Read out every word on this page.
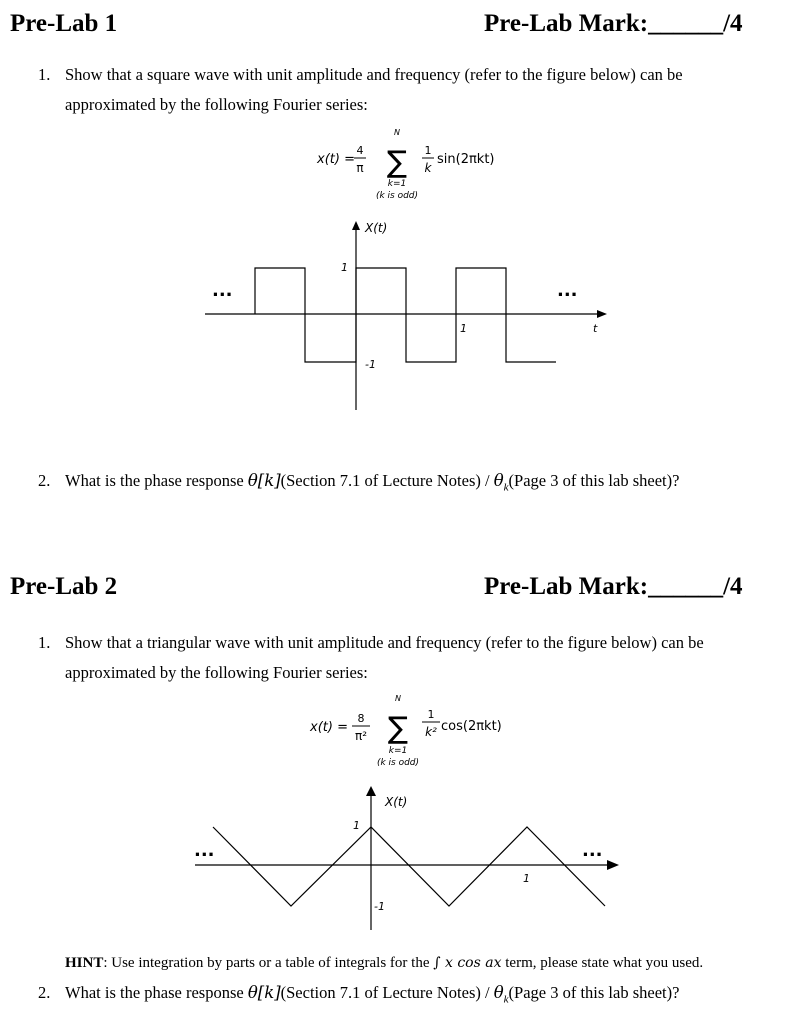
Pre-Lab 1	Pre-Lab Mark:______/4
1. Show that a square wave with unit amplitude and frequency (refer to the figure below) can be
approximated by the following Fourier series:
x(t) =
4
π
N
∑
k=1
(k is odd)
1
k
sin(2πkt)
X(t)
t
1
-1
1
...	...
2. What is the phase response θ[k](Section 7.1 of Lecture Notes) / $\theta_k(Page$ 3 of this lab sheet)?
Pre-Lab 2	Pre-Lab Mark:______/4
1. Show that a triangular wave with unit amplitude and frequency (refer to the figure below) can be
approximated by the following Fourier series:
x(t) =
8
π²
N
∑
k=1
(k is odd)
1
k² cos(2πkt)
X(t)
1
-1
1
...	...
HINT: Use integration by parts or a table of integrals for the ∫ x cos ax term, please state what you used.
2. What is the phase response θ[k](Section 7.1 of Lecture Notes) / $\theta_k(Page$ 3 of this lab sheet)?
